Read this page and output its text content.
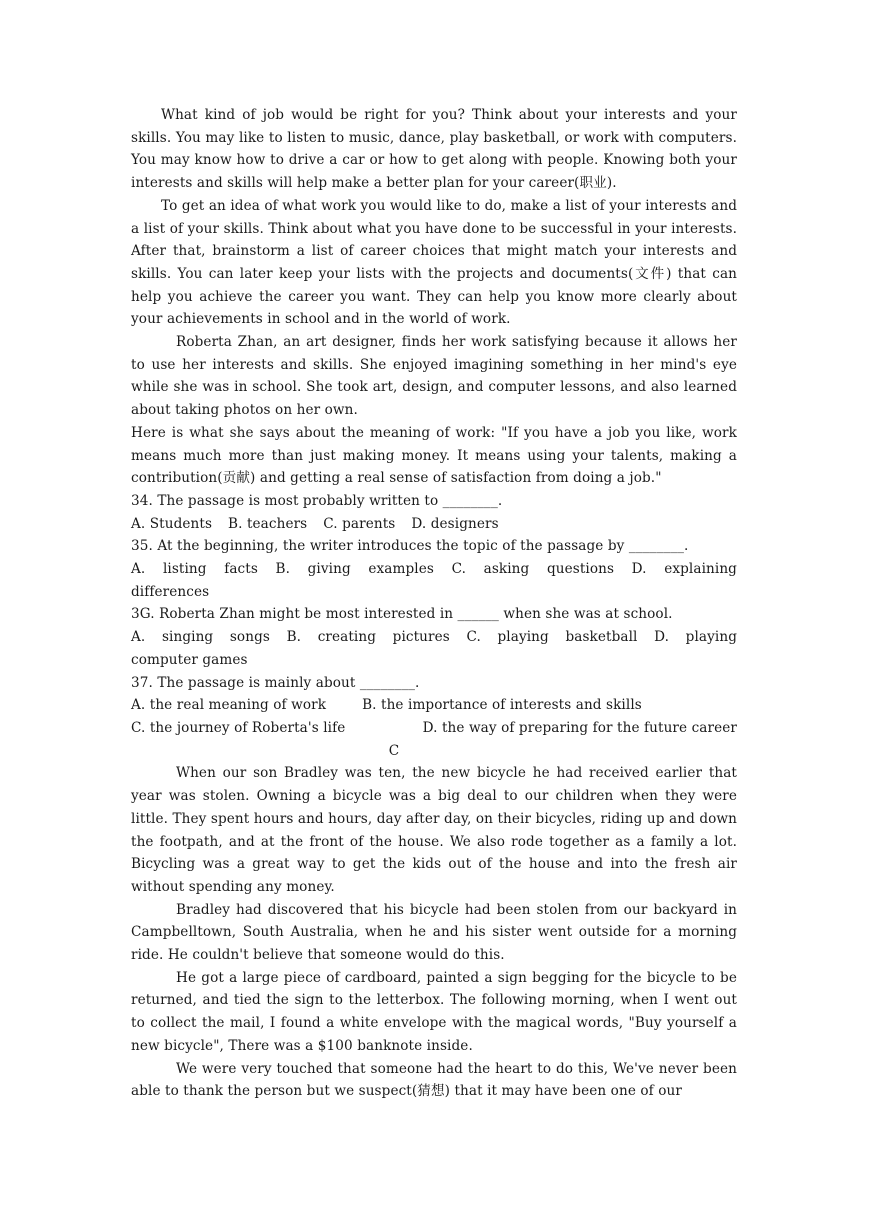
What kind of job would be right for you? Think about your interests and your skills. You may like to listen to music, dance, play basketball, or work with computers. You may know how to drive a car or how to get along with people. Knowing both your interests and skills will help make a better plan for your career(职业).

To get an idea of what work you would like to do, make a list of your interests and a list of your skills. Think about what you have done to be successful in your interests. After that, brainstorm a list of career choices that might match your interests and skills. You can later keep your lists with the projects and documents(文件) that can help you achieve the career you want. They can help you know more clearly about your achievements in school and in the world of work.

Roberta Zhan, an art designer, finds her work satisfying because it allows her to use her interests and skills. She enjoyed imagining something in her mind's eye while she was in school. She took art, design, and computer lessons, and also learned about taking photos on her own.

Here is what she says about the meaning of work: "If you have a job you like, work means much more than just making money. It means using your talents, making a contribution(贡献) and getting a real sense of satisfaction from doing a job."

34. The passage is most probably written to ________.

A. Students B. teachers C. parents D. designers

35. At the beginning, the writer introduces the topic of the passage by ________.

A. listing facts B. giving examples C. asking questions D. explaining

differences

3G. Roberta Zhan might be most interested in ______ when she was at school.

A. singing songs B. creating pictures C. playing basketball D. playing

computer games

37. The passage is mainly about ________.

A. the real meaning of work	B. the importance of interests and skills
C. the journey of Roberta's life	D. the way of preparing for the future career

C

When our son Bradley was ten, the new bicycle he had received earlier that year was stolen. Owning a bicycle was a big deal to our children when they were little. They spent hours and hours, day after day, on their bicycles, riding up and down the footpath, and at the front of the house. We also rode together as a family a lot. Bicycling was a great way to get the kids out of the house and into the fresh air without spending any money.

Bradley had discovered that his bicycle had been stolen from our backyard in Campbelltown, South Australia, when he and his sister went outside for a morning ride. He couldn't believe that someone would do this.

He got a large piece of cardboard, painted a sign begging for the bicycle to be returned, and tied the sign to the letterbox. The following morning, when I went out to collect the mail, I found a white envelope with the magical words, "Buy yourself a new bicycle", There was a $100 banknote inside.

We were very touched that someone had the heart to do this, We've never been able to thank the person but we suspect(猜想) that it may have been one of our
